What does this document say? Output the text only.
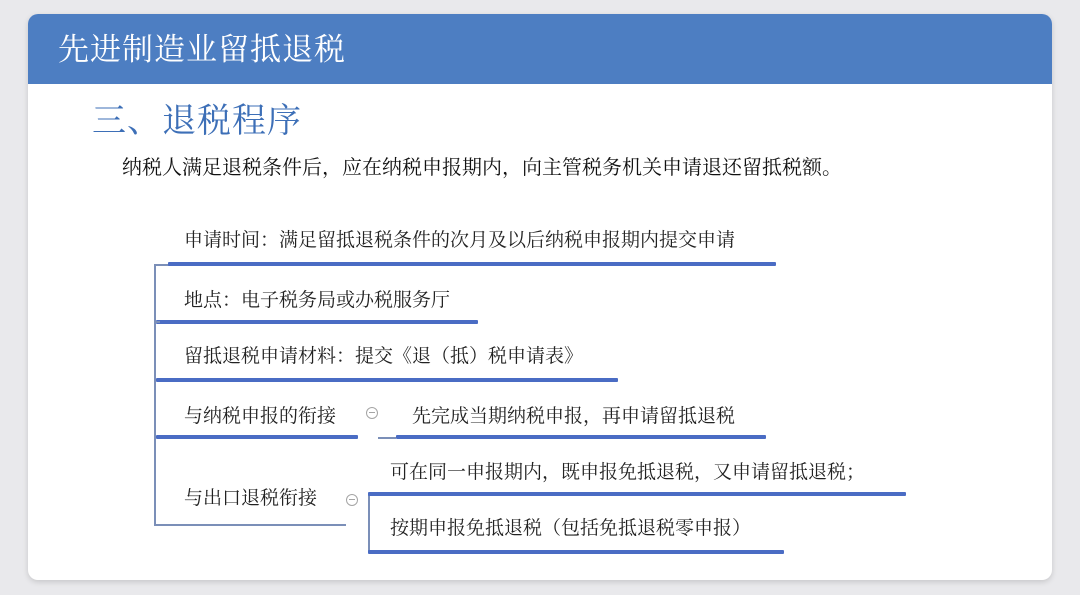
先进制造业留抵退税
三、退税程序
纳税人满足退税条件后，应在纳税申报期内，向主管税务机关申请退还留抵税额。
申请时间：满足留抵退税条件的次月及以后纳税申报期内提交申请
地点：电子税务局或办税服务厅
留抵退税申请材料：提交《退（抵）税申请表》
与纳税申报的衔接	先完成当期纳税申报，再申请留抵退税
与出口退税衔接
可在同一申报期内，既申报免抵退税，又申请留抵退税；
按期申报免抵退税（包括免抵退税零申报）
